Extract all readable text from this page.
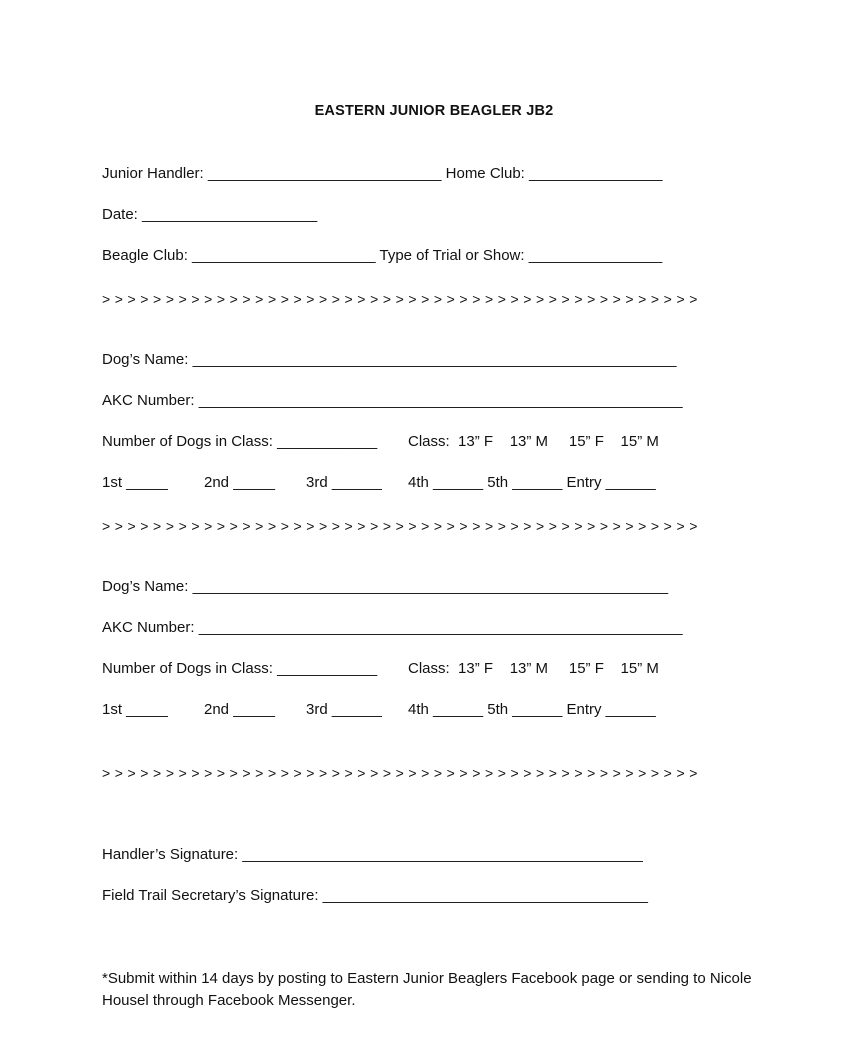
EASTERN JUNIOR BEAGLER JB2
Junior Handler: ____________________________ Home Club: ________________
Date: _____________________
Beagle Club: ______________________ Type of Trial or Show: ________________
> > > > > > > > > > > > > > > > > > > > > > > > > > > > > > > > > > > > > > > > > > > > > > >
Dog’s Name: __________________________________________________________
AKC Number: __________________________________________________________
Number of Dogs in Class: ____________ Class:  13” F    13” M     15” F    15” M
1st _____ 2nd _____ 3rd ______ 4th ______ 5th ______ Entry ______
> > > > > > > > > > > > > > > > > > > > > > > > > > > > > > > > > > > > > > > > > > > > > > >
Dog’s Name: _________________________________________________________
AKC Number: __________________________________________________________
Number of Dogs in Class: ____________ Class:  13” F    13” M     15” F    15” M
1st _____ 2nd _____ 3rd ______ 4th ______ 5th ______ Entry ______
> > > > > > > > > > > > > > > > > > > > > > > > > > > > > > > > > > > > > > > > > > > > > > >
Handler’s Signature: ________________________________________________
Field Trail Secretary’s Signature: _______________________________________
*Submit within 14 days by posting to Eastern Junior Beaglers Facebook page or sending to Nicole Housel through Facebook Messenger.
